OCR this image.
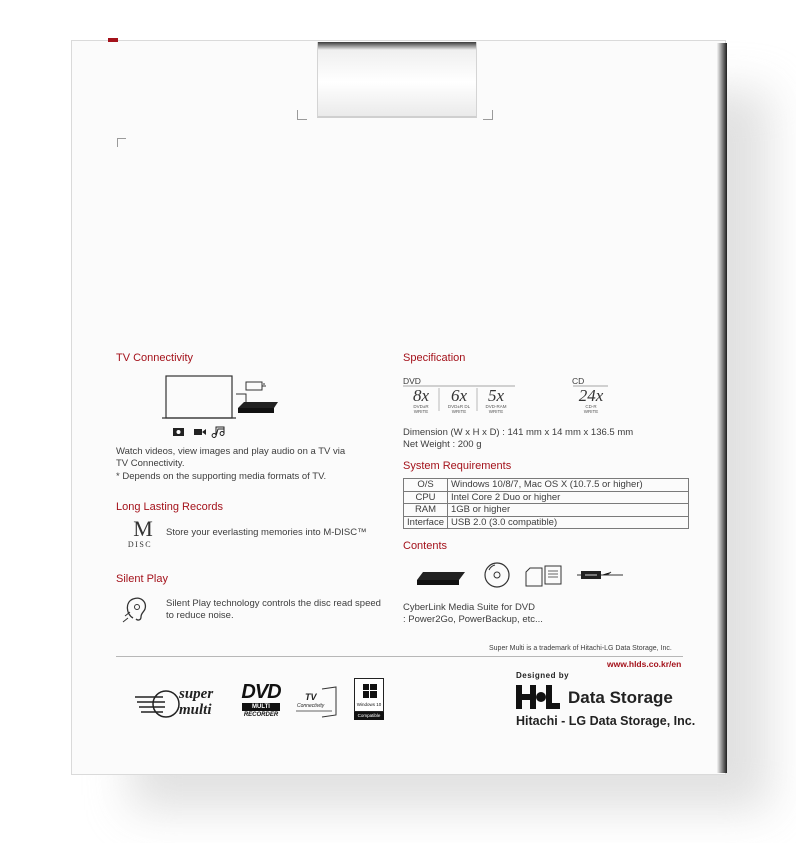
TV Connectivity
Watch videos, view images and play audio on a TV via
TV Connectivity.
* Depends on the supporting media formats of TV.
Long Lasting Records
M
DISC
Store your everlasting memories into M-DISC™
Silent Play
Silent Play technology controls the disc read speed
to reduce noise.
Specification
DVD	CD
8x
DVD±R
WRITE
6x
DVD±R DL
WRITE
5x
DVD-RAM
WRITE
24x
CD-R
WRITE
Dimension (W x H x D) : 141 mm x 14 mm x 136.5 mm
Net Weight : 200 g
System Requirements
O/S	Windows 10/8/7, Mac OS X (10.7.5 or higher)
CPU	Intel Core 2 Duo or higher
RAM	1GB or higher
Interface	USB 2.0 (3.0 compatible)
Contents
CyberLink Media Suite for DVD
: Power2Go, PowerBackup, etc...
Super Multi is a trademark of Hitachi-LG Data Storage, Inc.
www.hlds.co.kr/en
super
multi
DVD
MULTI
RECORDER
TV
Connectivity	Windows 10
Compatible
Designed by
Data Storage
Hitachi - LG Data Storage, Inc.
